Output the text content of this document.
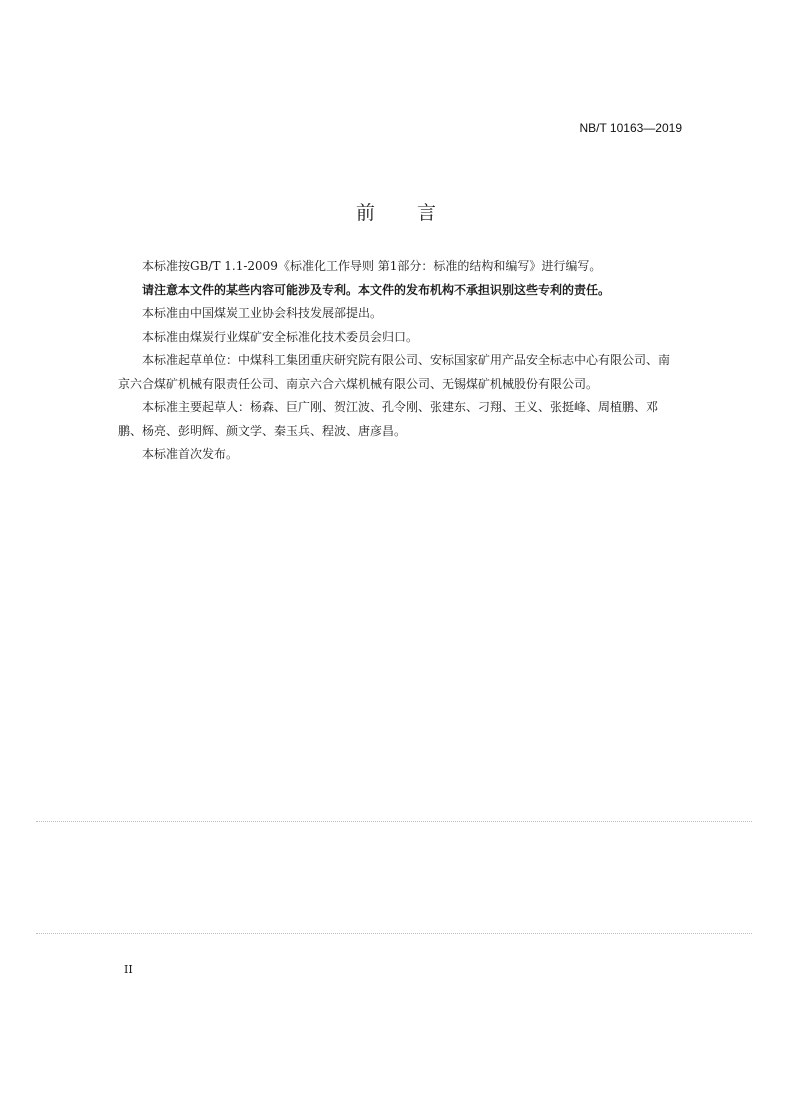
NB/T 10163—2019
前 言

本标准按GB/T 1.1-2009《标准化工作导则 第1部分：标准的结构和编写》进行编写。

请注意本文件的某些内容可能涉及专利。本文件的发布机构不承担识别这些专利的责任。

本标准由中国煤炭工业协会科技发展部提出。

本标准由煤炭行业煤矿安全标准化技术委员会归口。

本标准起草单位：中煤科工集团重庆研究院有限公司、安标国家矿用产品安全标志中心有限公司、南京六合煤矿机械有限责任公司、南京六合六煤机械有限公司、无锡煤矿机械股份有限公司。

本标准主要起草人：杨森、巨广刚、贺江波、孔令刚、张建东、刁翔、王义、张挺峰、周植鹏、邓鹏、杨亮、彭明辉、颜文学、秦玉兵、程波、唐彦昌。

本标准首次发布。

II
